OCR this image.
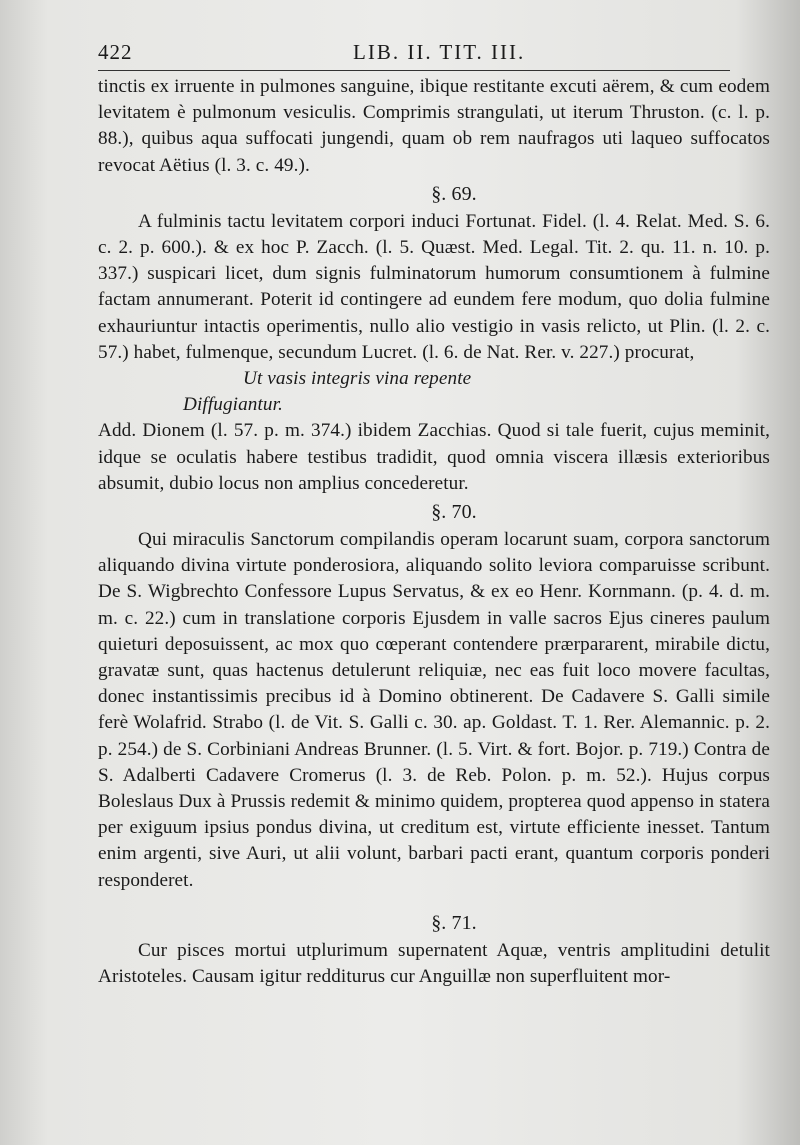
422	LIB. II. TIT. III.

tinctis ex irruente in pulmones sanguine, ibique restitante excuti aërem, & cum eodem levitatem è pulmonum vesiculis. Comprimis strangulati, ut iterum Thruston. (c. l. p. 88.), quibus aqua suffocati jungendi, quam ob rem naufragos uti laqueo suffocatos revocat Aëtius (l. 3. c. 49.).

§. 69.

A fulminis tactu levitatem corpori induci Fortunat. Fidel. (l. 4. Relat. Med. S. 6. c. 2. p. 600.). & ex hoc P. Zacch. (l. 5. Quæst. Med. Legal. Tit. 2. qu. 11. n. 10. p. 337.) suspicari licet, dum signis fulminatorum humorum consumtionem à fulmine factam annumerant. Poterit id contingere ad eundem fere modum, quo dolia fulmine exhauriuntur intactis operimentis, nullo alio vestigio in vasis relicto, ut Plin. (l. 2. c. 57.) habet, fulmenque, secundum Lucret. (l. 6. de Nat. Rer. v. 227.) procurat,

Ut vasis integris vina repente

Diffugiantur.

Add. Dionem (l. 57. p. m. 374.) ibidem Zacchias. Quod si tale fuerit, cujus meminit, idque se oculatis habere testibus tradidit, quod omnia viscera illæsis exterioribus absumit, dubio locus non amplius concederetur.

§. 70.

Qui miraculis Sanctorum compilandis operam locarunt suam, corpora sanctorum aliquando divina virtute ponderosiora, aliquando solito leviora comparuisse scribunt. De S. Wigbrechto Confessore Lupus Servatus, & ex eo Henr. Kornmann. (p. 4. d. m. m. c. 22.) cum in translatione corporis Ejusdem in valle sacros Ejus cineres paulum quieturi deposuissent, ac mox quo cœperant contendere prærpararent, mirabile dictu, gravatæ sunt, quas hactenus detulerunt reliquiæ, nec eas fuit loco movere facultas, donec instantissimis precibus id à Domino obtinerent. De Cadavere S. Galli simile ferè Wolafrid. Strabo (l. de Vit. S. Galli c. 30. ap. Goldast. T. 1. Rer. Alemannic. p. 2. p. 254.) de S. Corbiniani Andreas Brunner. (l. 5. Virt. & fort. Bojor. p. 719.) Contra de S. Adalberti Cadavere Cromerus (l. 3. de Reb. Polon. p. m. 52.). Hujus corpus Boleslaus Dux à Prussis redemit & minimo quidem, propterea quod appenso in statera per exiguum ipsius pondus divina, ut creditum est, virtute efficiente inesset. Tantum enim argenti, sive Auri, ut alii volunt, barbari pacti erant, quantum corporis ponderi responderet.

§. 71.

Cur pisces mortui utplurimum supernatent Aquæ, ventris amplitudini detulit Aristoteles. Causam igitur redditurus cur Anguillæ non superfluitent mor-
